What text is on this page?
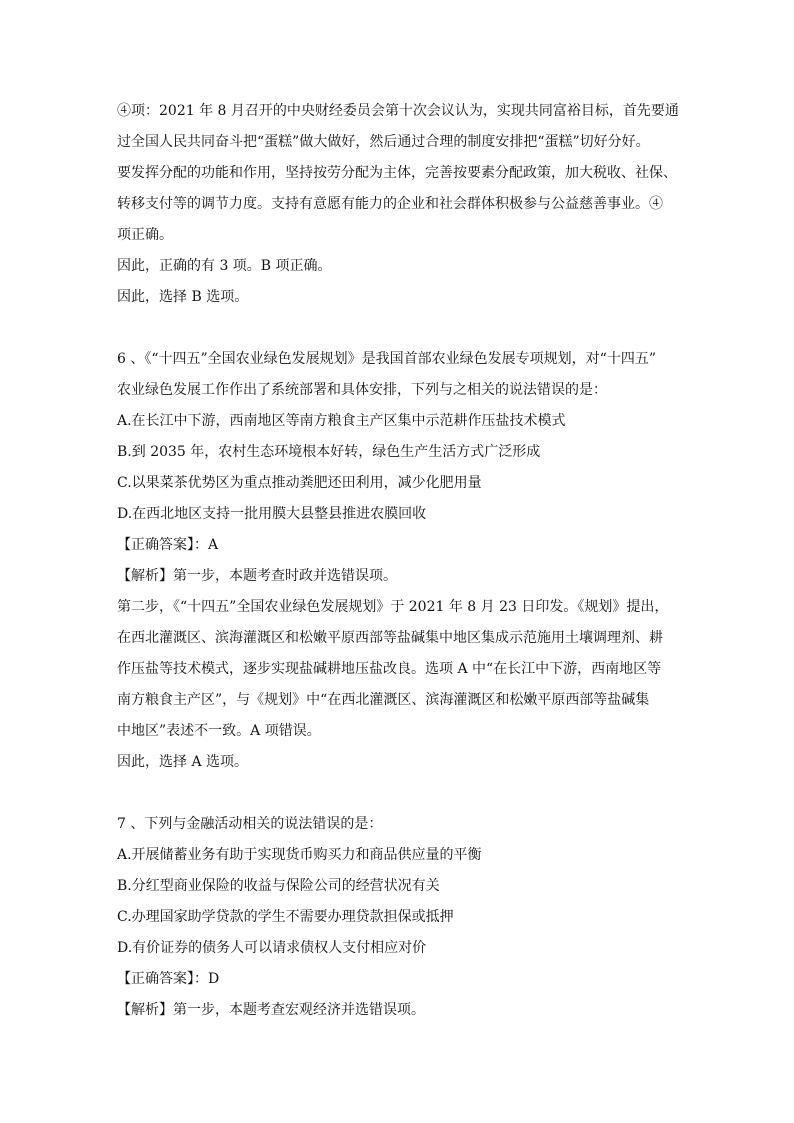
④项：2021 年 8 月召开的中央财经委员会第十次会议认为，实现共同富裕目标，首先要通
过全国人民共同奋斗把“蛋糕”做大做好，然后通过合理的制度安排把“蛋糕”切好分好。
要发挥分配的功能和作用，坚持按劳分配为主体，完善按要素分配政策，加大税收、社保、
转移支付等的调节力度。支持有意愿有能力的企业和社会群体积极参与公益慈善事业。④
项正确。
因此，正确的有 3 项。B 项正确。
因此，选择 B 选项。
6 、《“十四五”全国农业绿色发展规划》是我国首部农业绿色发展专项规划，对“十四五”
农业绿色发展工作作出了系统部署和具体安排，下列与之相关的说法错误的是：
A.在长江中下游，西南地区等南方粮食主产区集中示范耕作压盐技术模式
B.到 2035 年，农村生态环境根本好转，绿色生产生活方式广泛形成
C.以果菜茶优势区为重点推动粪肥还田利用，减少化肥用量
D.在西北地区支持一批用膜大县整县推进农膜回收
【正确答案】：A
【解析】第一步，本题考查时政并选错误项。
第二步，《“十四五”全国农业绿色发展规划》于 2021 年 8 月 23 日印发。《规划》提出，
在西北灌溉区、滨海灌溉区和松嫩平原西部等盐碱集中地区集成示范施用土壤调理剂、耕
作压盐等技术模式，逐步实现盐碱耕地压盐改良。选项 A 中“在长江中下游，西南地区等
南方粮食主产区”，与《规划》中“在西北灌溉区、滨海灌溉区和松嫩平原西部等盐碱集
中地区”表述不一致。A 项错误。
因此，选择 A 选项。
7 、下列与金融活动相关的说法错误的是：
A.开展储蓄业务有助于实现货币购买力和商品供应量的平衡
B.分红型商业保险的收益与保险公司的经营状况有关
C.办理国家助学贷款的学生不需要办理贷款担保或抵押
D.有价证券的债务人可以请求债权人支付相应对价
【正确答案】：D
【解析】第一步，本题考查宏观经济并选错误项。
